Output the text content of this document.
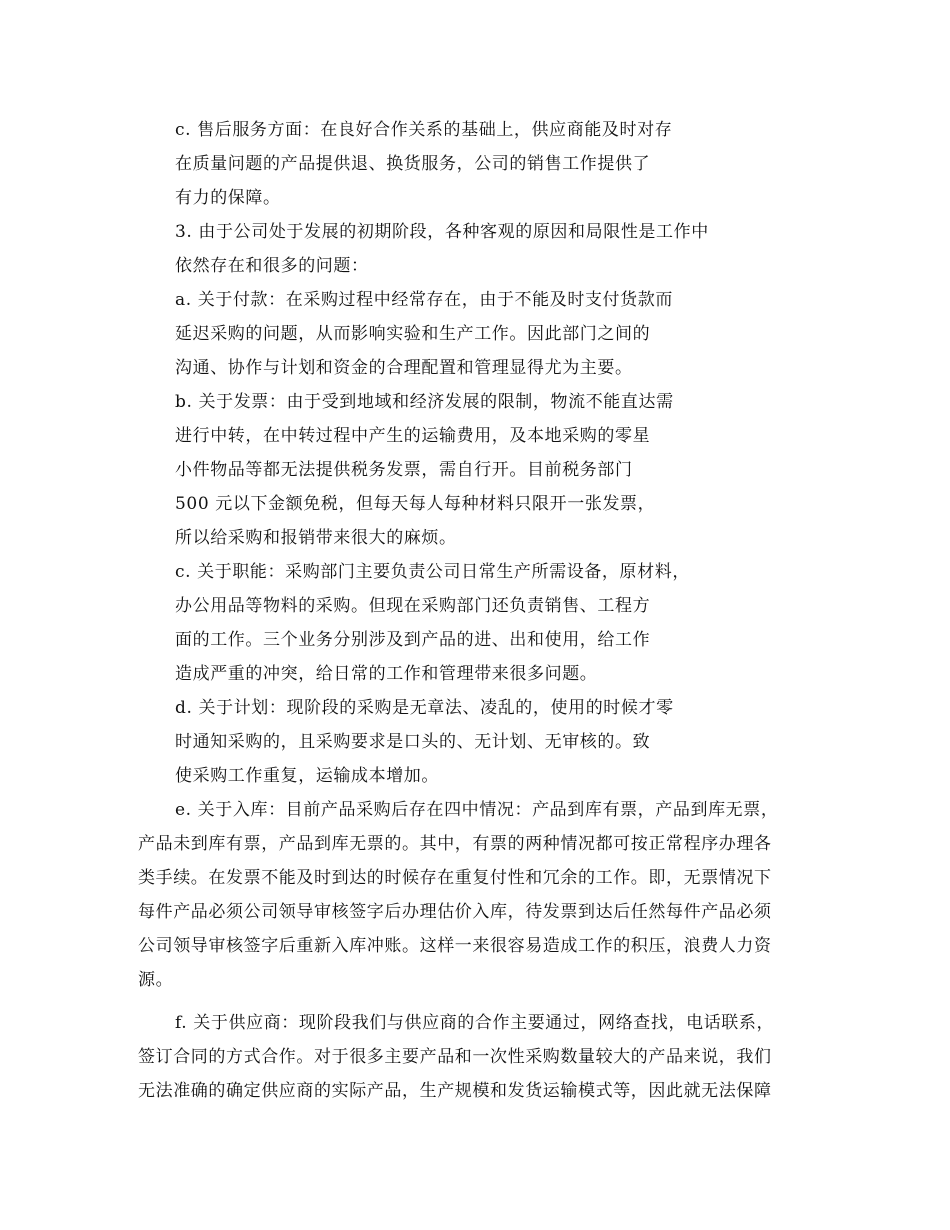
c. 售后服务方面：在良好合作关系的基础上，供应商能及时对存
在质量问题的产品提供退、换货服务，公司的销售工作提供了
有力的保障。
3. 由于公司处于发展的初期阶段，各种客观的原因和局限性是工作中
依然存在和很多的问题：
a. 关于付款：在采购过程中经常存在，由于不能及时支付货款而
延迟采购的问题，从而影响实验和生产工作。因此部门之间的
沟通、协作与计划和资金的合理配置和管理显得尤为主要。
b. 关于发票：由于受到地域和经济发展的限制，物流不能直达需
进行中转，在中转过程中产生的运输费用，及本地采购的零星
小件物品等都无法提供税务发票，需自行开。目前税务部门
500 元以下金额免税，但每天每人每种材料只限开一张发票，
所以给采购和报销带来很大的麻烦。
c. 关于职能：采购部门主要负责公司日常生产所需设备，原材料，
办公用品等物料的采购。但现在采购部门还负责销售、工程方
面的工作。三个业务分别涉及到产品的进、出和使用，给工作
造成严重的冲突，给日常的工作和管理带来很多问题。
d. 关于计划：现阶段的采购是无章法、凌乱的，使用的时候才零
时通知采购的，且采购要求是口头的、无计划、无审核的。致
使采购工作重复，运输成本增加。
e. 关于入库：目前产品采购后存在四中情况：产品到库有票，产品到库无票，
产品未到库有票，产品到库无票的。其中，有票的两种情况都可按正常程序办理各
类手续。在发票不能及时到达的时候存在重复付性和冗余的工作。即，无票情况下
每件产品必须公司领导审核签字后办理估价入库，待发票到达后任然每件产品必须
公司领导审核签字后重新入库冲账。这样一来很容易造成工作的积压，浪费人力资
源。
f. 关于供应商：现阶段我们与供应商的合作主要通过，网络查找，电话联系，
签订合同的方式合作。对于很多主要产品和一次性采购数量较大的产品来说，我们
无法准确的确定供应商的实际产品，生产规模和发货运输模式等，因此就无法保障
